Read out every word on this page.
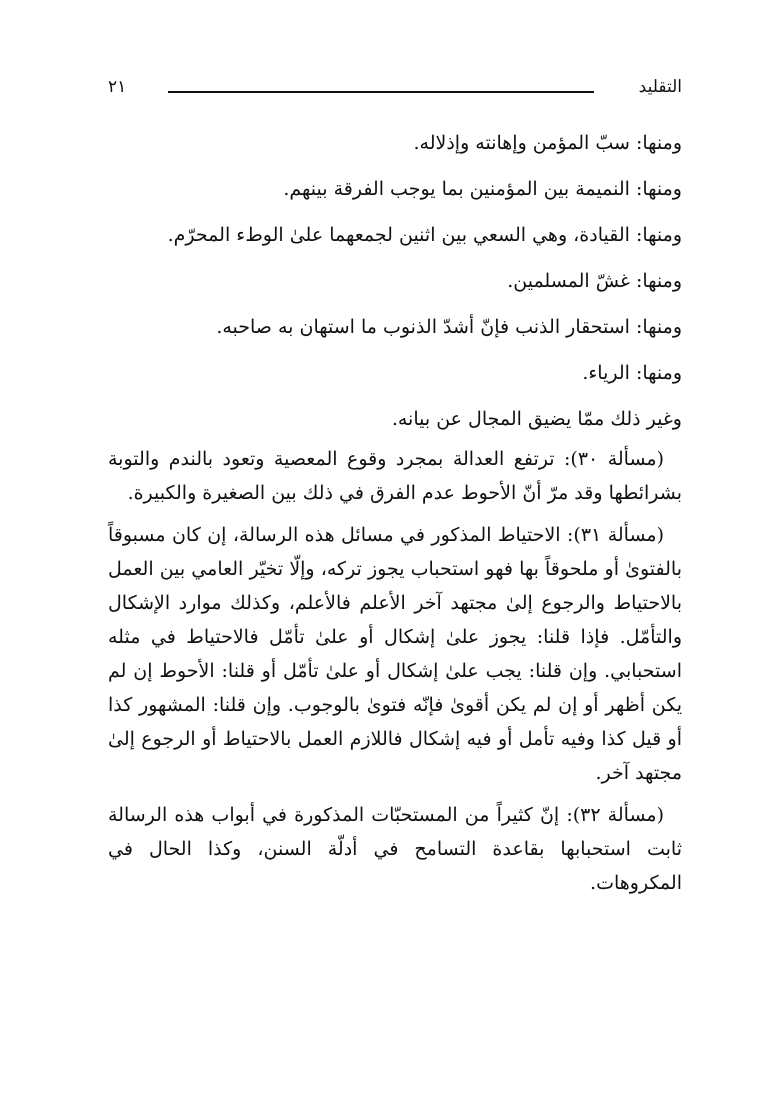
التقليد
٢١

ومنها: سبّ المؤمن وإهانته وإذلاله.

ومنها: النميمة بين المؤمنين بما يوجب الفرقة بينهم.

ومنها: القيادة، وهي السعي بين اثنين لجمعهما علىٰ الوطء المحرّم.

ومنها: غشّ المسلمين.

ومنها: استحقار الذنب فإنّ أشدّ الذنوب ما استهان به صاحبه.

ومنها: الرياء.

وغير ذلك ممّا يضيق المجال عن بيانه.

(مسألة ٣٠): ترتفع العدالة بمجرد وقوع المعصية وتعود بالندم والتوبة بشرائطها وقد مرّ أنّ الأحوط عدم الفرق في ذلك بين الصغيرة والكبيرة.

(مسألة ٣١): الاحتياط المذكور في مسائل هذه الرسالة، إن كان مسبوقاً بالفتوىٰ أو ملحوقاً بها فهو استحباب يجوز تركه، وإلّا تخيّر العامي بين العمل بالاحتياط والرجوع إلىٰ مجتهد آخر الأعلم فالأعلم، وكذلك موارد الإشكال والتأمّل. فإذا قلنا: يجوز علىٰ إشكال أو علىٰ تأمّل فالاحتياط في مثله استحبابي. وإن قلنا: يجب علىٰ إشكال أو علىٰ تأمّل أو قلنا: الأحوط إن لم يكن أظهر أو إن لم يكن أقوىٰ فإنّه فتوىٰ بالوجوب. وإن قلنا: المشهور كذا أو قيل كذا وفيه تأمل أو فيه إشكال فاللازم العمل بالاحتياط أو الرجوع إلىٰ مجتهد آخر.

(مسألة ٣٢): إنّ كثيراً من المستحبّات المذكورة في أبواب هذه الرسالة ثابت استحبابها بقاعدة التسامح في أدلّة السنن، وكذا الحال في المكروهات.
